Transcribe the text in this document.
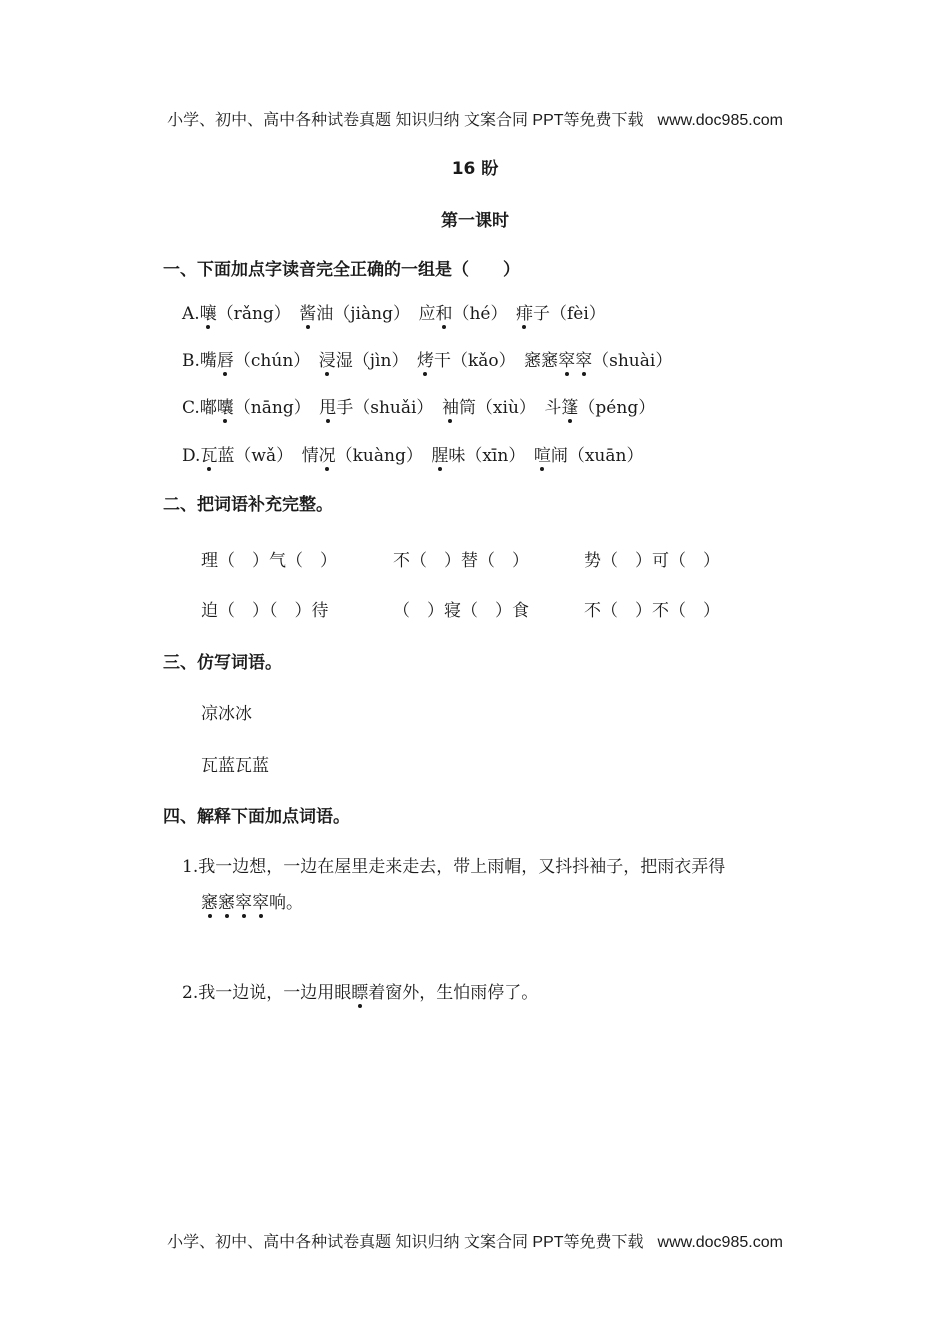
小学、初中、高中各种试卷真题 知识归纳 文案合同 PPT等免费下载 www.doc985.com
16 盼
第一课时
一、下面加点字读音完全正确的一组是（　　）
A.嚷（rǎng）  酱油（jiàng）  应和（hé）  痱子（fèi）
B.嘴唇（chún）  浸湿（jìn）  烤干（kǎo）  窸窸窣窣（shuài）
C.嘟囔（nāng）  甩手（shuǎi）  袖筒（xiù）  斗篷（péng）
D.瓦蓝（wǎ）  情况（kuàng）  腥味（xīn）  喧闹（xuān）
二、把词语补充完整。
理（　）气（　）	不（　）替（　）	势（　）可（　）
迫（　）（　）待	（　）寝（　）食	不（　）不（　）
三、仿写词语。
凉冰冰
瓦蓝瓦蓝
四、解释下面加点词语。
1.我一边想，一边在屋里走来走去，带上雨帽，又抖抖袖子，把雨衣弄得
窸窸窣窣响。
2.我一边说，一边用眼瞟着窗外，生怕雨停了。
小学、初中、高中各种试卷真题 知识归纳 文案合同 PPT等免费下载 www.doc985.com
